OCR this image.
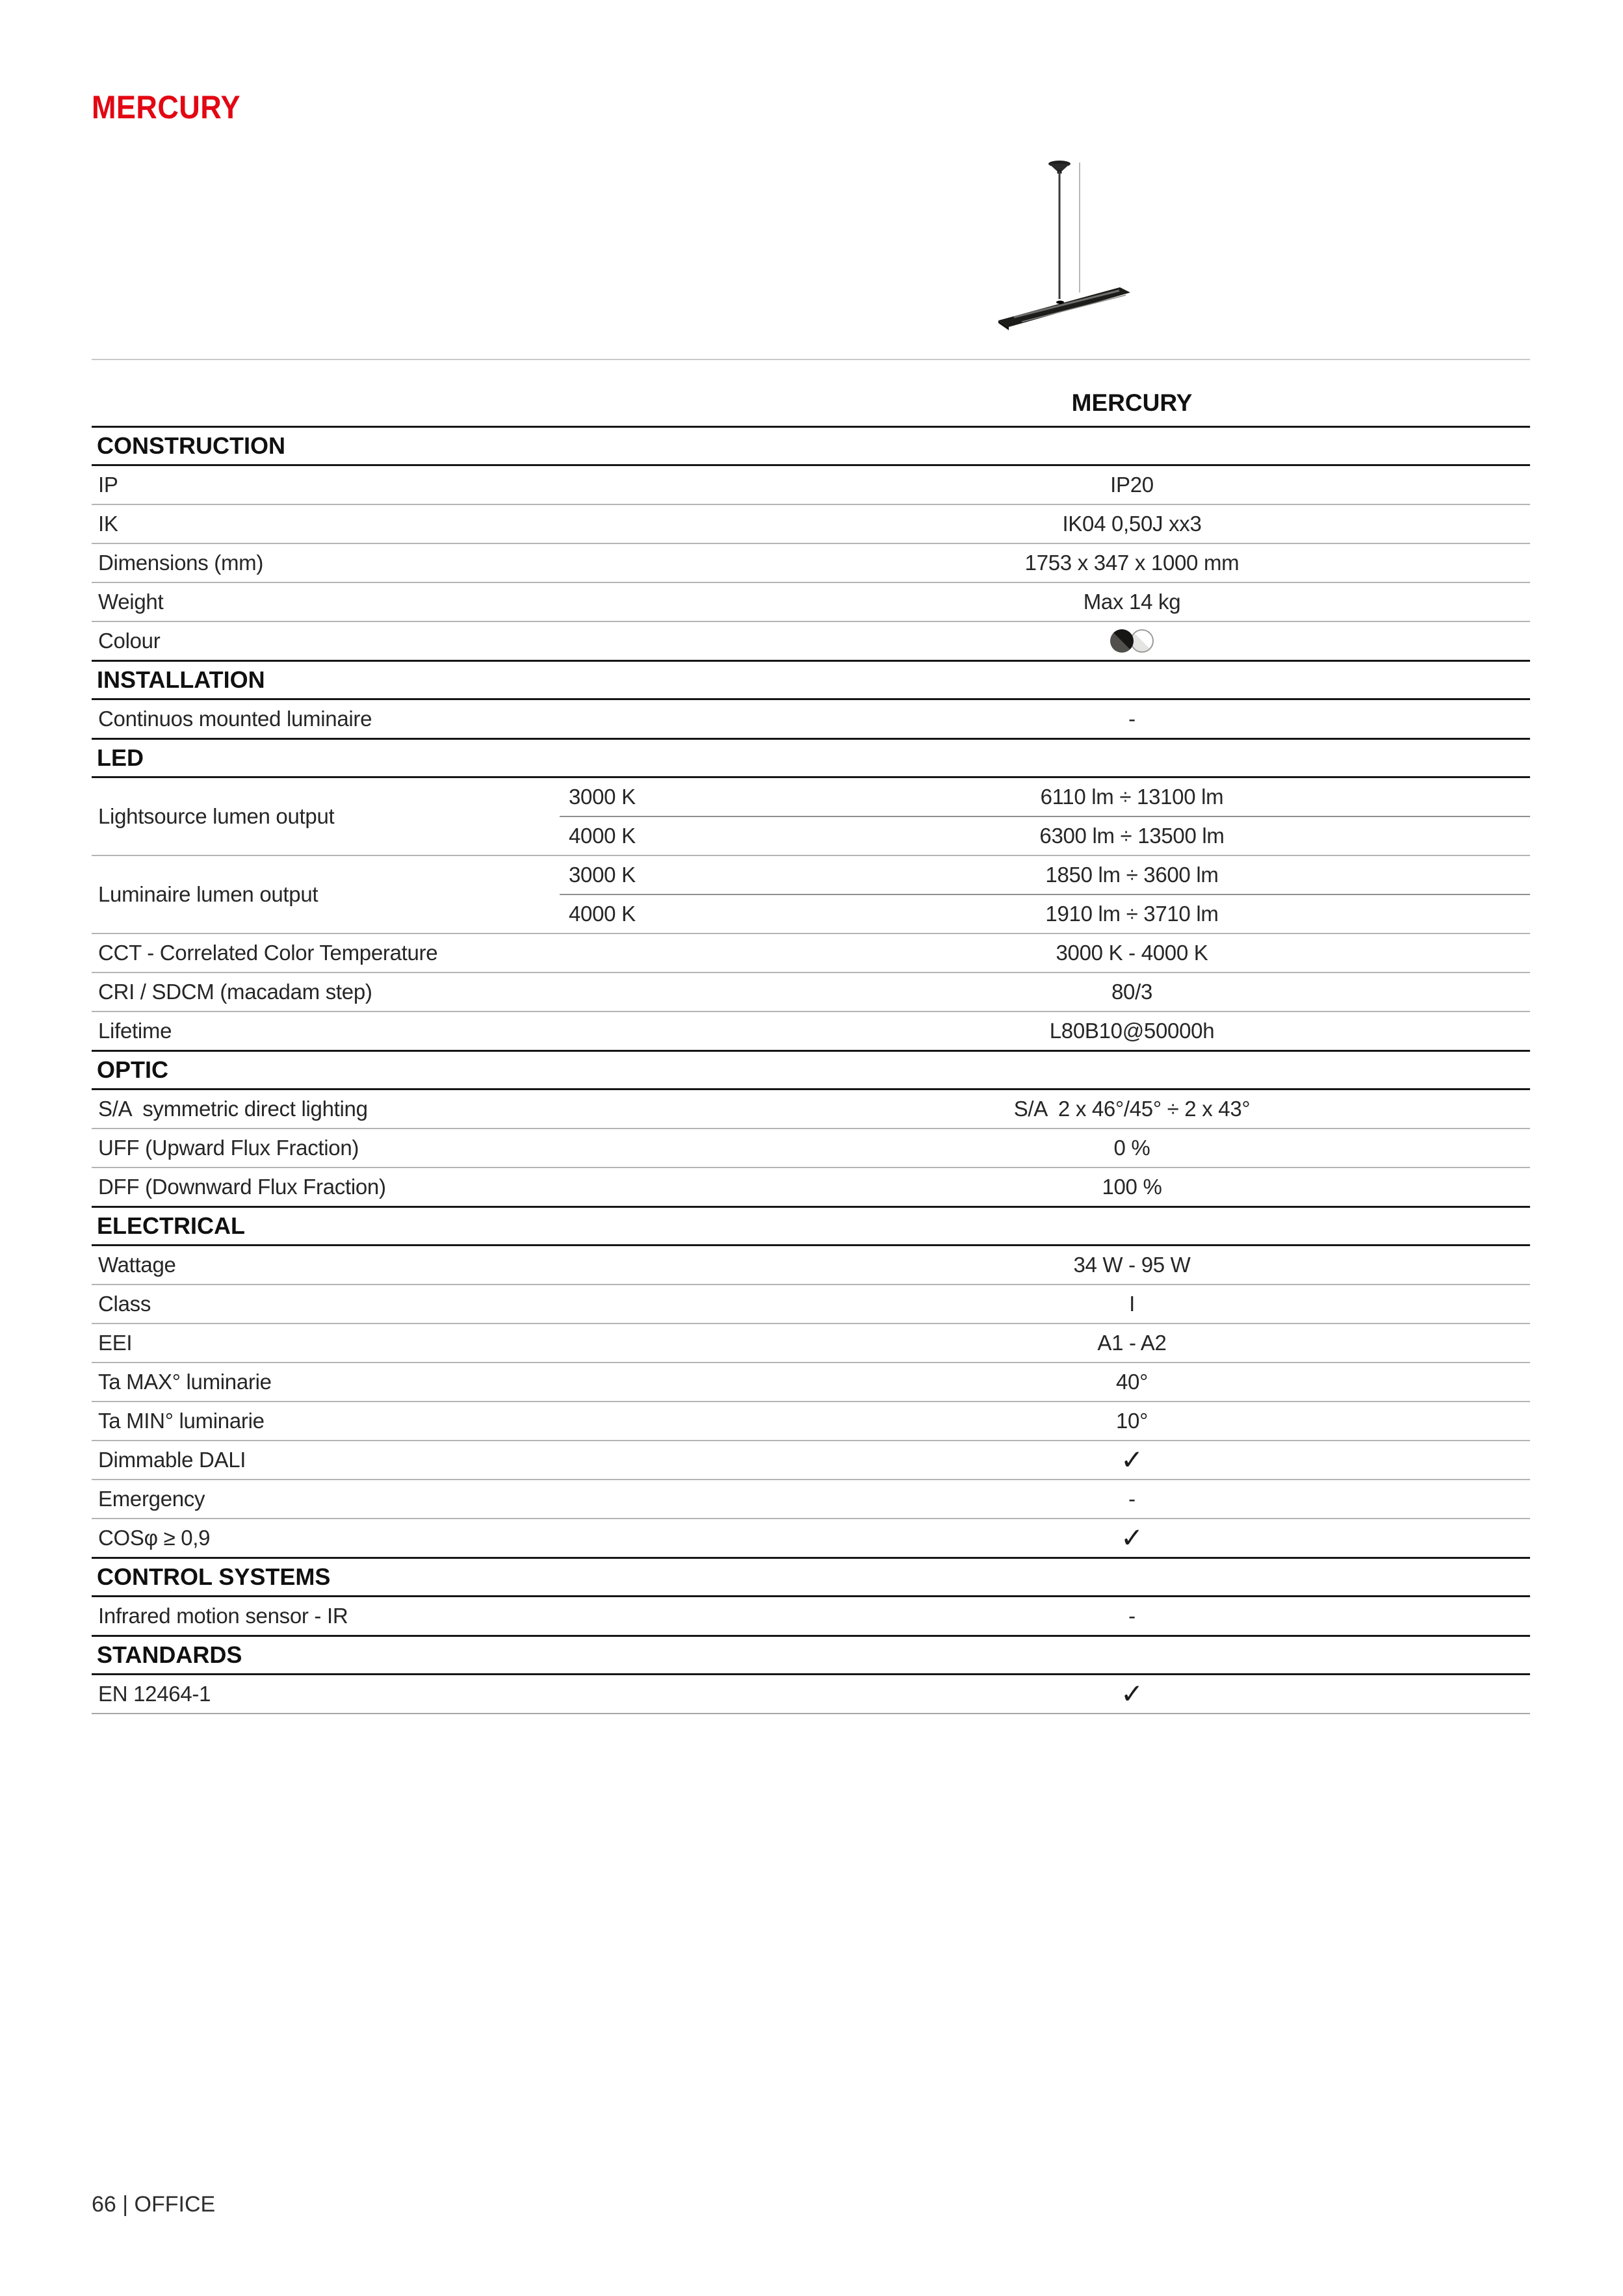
MERCURY
MERCURY
CONSTRUCTION
IP	IP20
IK	IK04 0,50J xx3
Dimensions (mm)	1753 x 347 x 1000 mm
Weight	Max 14 kg
Colour
INSTALLATION
Continuos mounted luminaire	-
LED
Lightsource lumen output
3000 K	6110 lm ÷ 13100 lm
4000 K	6300 lm ÷ 13500 lm
Luminaire lumen output
3000 K	1850 lm ÷ 3600 lm
4000 K	1910 lm ÷ 3710 lm
CCT - Correlated Color Temperature	3000 K - 4000 K
CRI / SDCM (macadam step)	80/3
Lifetime	L80B10@50000h
OPTIC
S/A  symmetric direct lighting	S/A  2 x 46°/45° ÷ 2 x 43°
UFF (Upward Flux Fraction)	0 %
DFF (Downward Flux Fraction)	100 %
ELECTRICAL
Wattage	34 W - 95 W
Class	I
EEI	A1 - A2
Ta MAX° luminarie	40°
Ta MIN° luminarie	10°
Dimmable DALI	✓
Emergency	-
COSφ ≥ 0,9	✓
CONTROL SYSTEMS
Infrared motion sensor - IR	-
STANDARDS
EN 12464-1	✓
66 | OFFICE
